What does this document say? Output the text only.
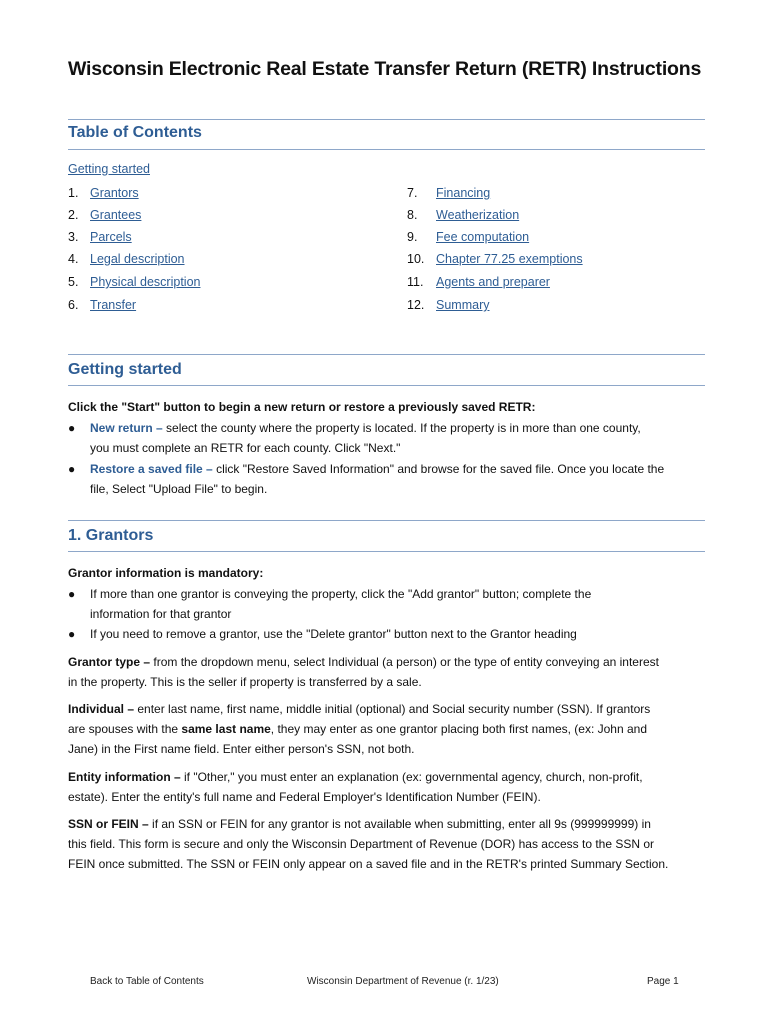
Wisconsin Electronic Real Estate Transfer Return (RETR) Instructions
Table of Contents
Getting started
1. Grantors
2. Grantees
3. Parcels
4. Legal description
5. Physical description
6. Transfer
7. Financing
8. Weatherization
9. Fee computation
10. Chapter 77.25 exemptions
11. Agents and preparer
12. Summary
Getting started
Click the "Start" button to begin a new return or restore a previously saved RETR:
●	New return – select the county where the property is located. If the property is in more than one county,
you must complete an RETR for each county. Click "Next."
●	Restore a saved file – click "Restore Saved Information" and browse for the saved file. Once you locate the
file, Select "Upload File" to begin.
1. Grantors
Grantor information is mandatory:
●	If more than one grantor is conveying the property, click the "Add grantor" button; complete the
information for that grantor
●	If you need to remove a grantor, use the "Delete grantor" button next to the Grantor heading
Grantor type – from the dropdown menu, select Individual (a person) or the type of entity conveying an interest
in the property. This is the seller if property is transferred by a sale.
Individual – enter last name, first name, middle initial (optional) and Social security number (SSN). If grantors
are spouses with the same last name, they may enter as one grantor placing both first names, (ex: John and
Jane) in the First name field. Enter either person's SSN, not both.
Entity information – if "Other," you must enter an explanation (ex: governmental agency, church, non-profit,
estate). Enter the entity's full name and Federal Employer's Identification Number (FEIN).
SSN or FEIN – if an SSN or FEIN for any grantor is not available when submitting, enter all 9s (999999999) in
this field. This form is secure and only the Wisconsin Department of Revenue (DOR) has access to the SSN or
FEIN once submitted. The SSN or FEIN only appear on a saved file and in the RETR's printed Summary Section.
Back to Table of Contents	Wisconsin Department of Revenue (r. 1/23)	Page 1
